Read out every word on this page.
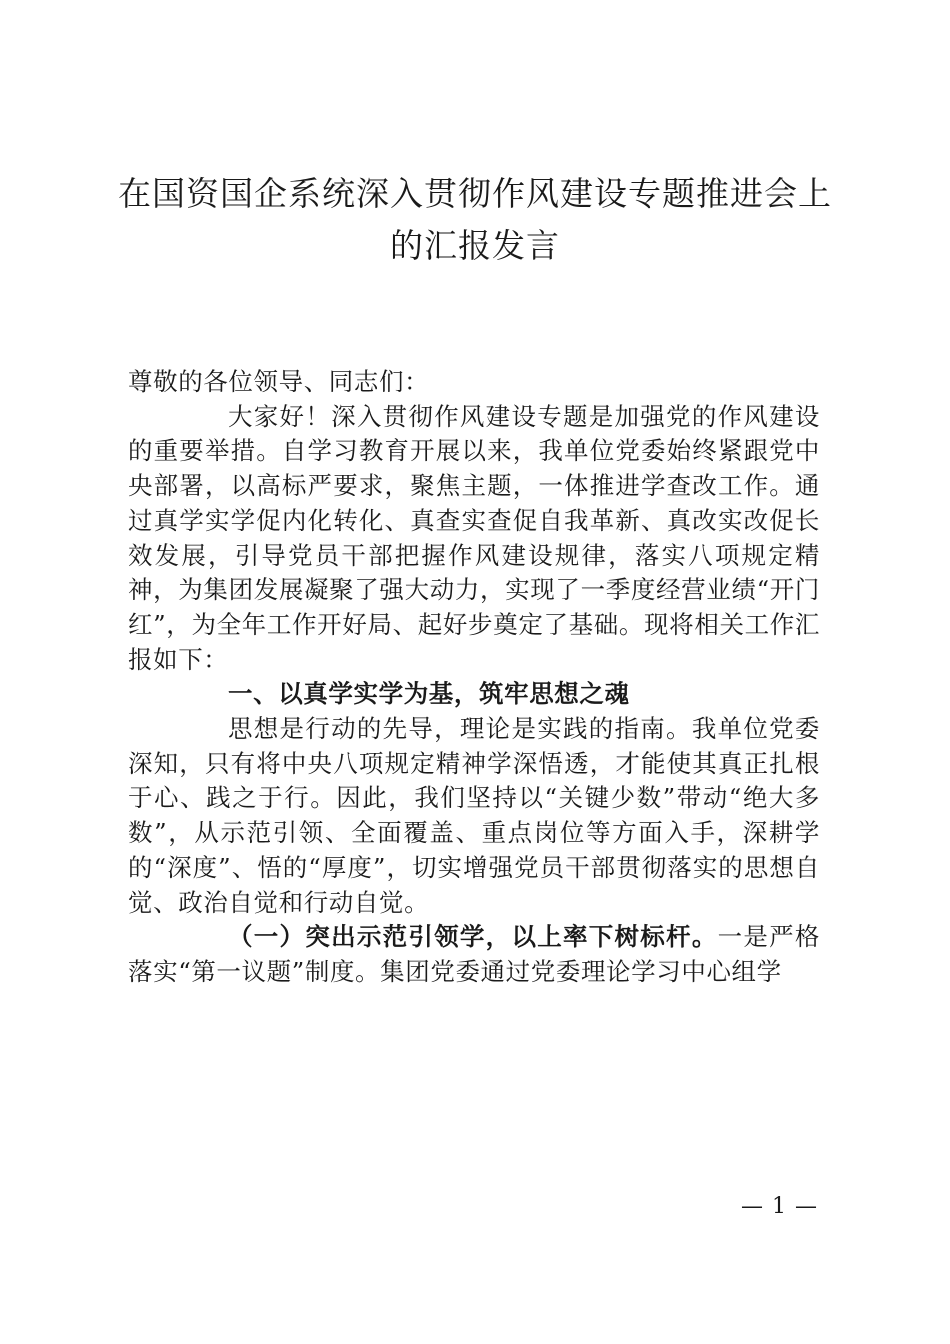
在国资国企系统深入贯彻作风建设专题推进会上的汇报发言

尊敬的各位领导、同志们：

大家好！深入贯彻作风建设专题是加强党的作风建设的重要举措。自学习教育开展以来，我单位党委始终紧跟党中央部署，以高标严要求，聚焦主题，一体推进学查改工作。通过真学实学促内化转化、真查实查促自我革新、真改实改促长效发展，引导党员干部把握作风建设规律，落实八项规定精神，为集团发展凝聚了强大动力，实现了一季度经营业绩“开门红”，为全年工作开好局、起好步奠定了基础。现将相关工作汇报如下：

一、以真学实学为基，筑牢思想之魂

思想是行动的先导，理论是实践的指南。我单位党委深知，只有将中央八项规定精神学深悟透，才能使其真正扎根于心、践之于行。因此，我们坚持以“关键少数”带动“绝大多数”，从示范引领、全面覆盖、重点岗位等方面入手，深耕学的“深度”、悟的“厚度”，切实增强党员干部贯彻落实的思想自觉、政治自觉和行动自觉。

（一）突出示范引领学，以上率下树标杆。一是严格落实“第一议题”制度。集团党委通过党委理论学习中心组学

— 1 —
